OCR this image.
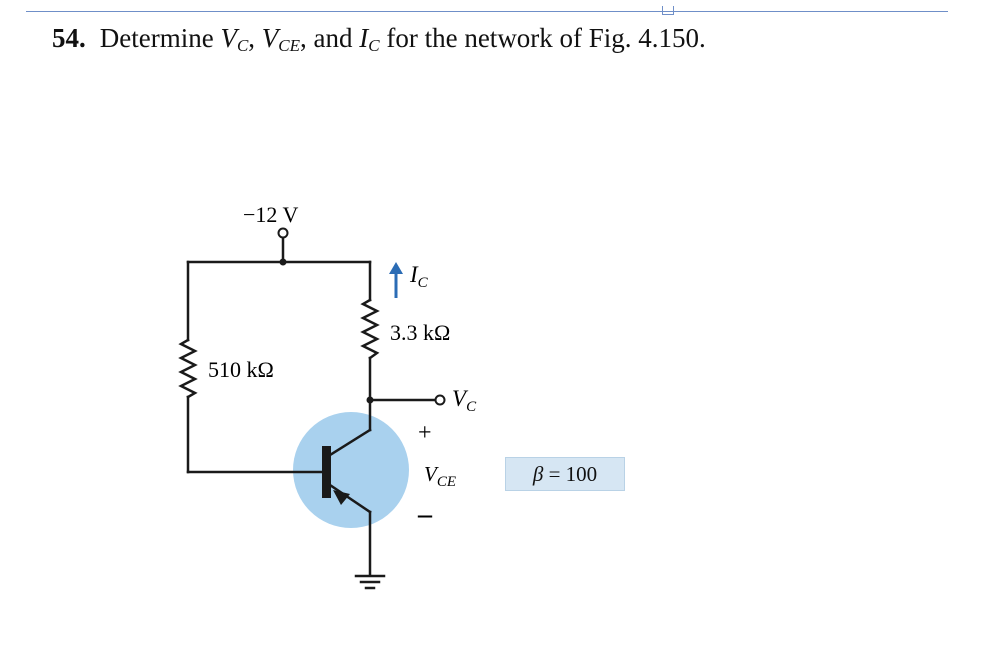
54. Determine $V_C$, $V_{CE}$, and $I_C$ for the network of Fig. 4.150.
−12 V
$I_C$
3.3 kΩ
510 kΩ
$V_C$
+
$V_{CE}$
–
β = 100
